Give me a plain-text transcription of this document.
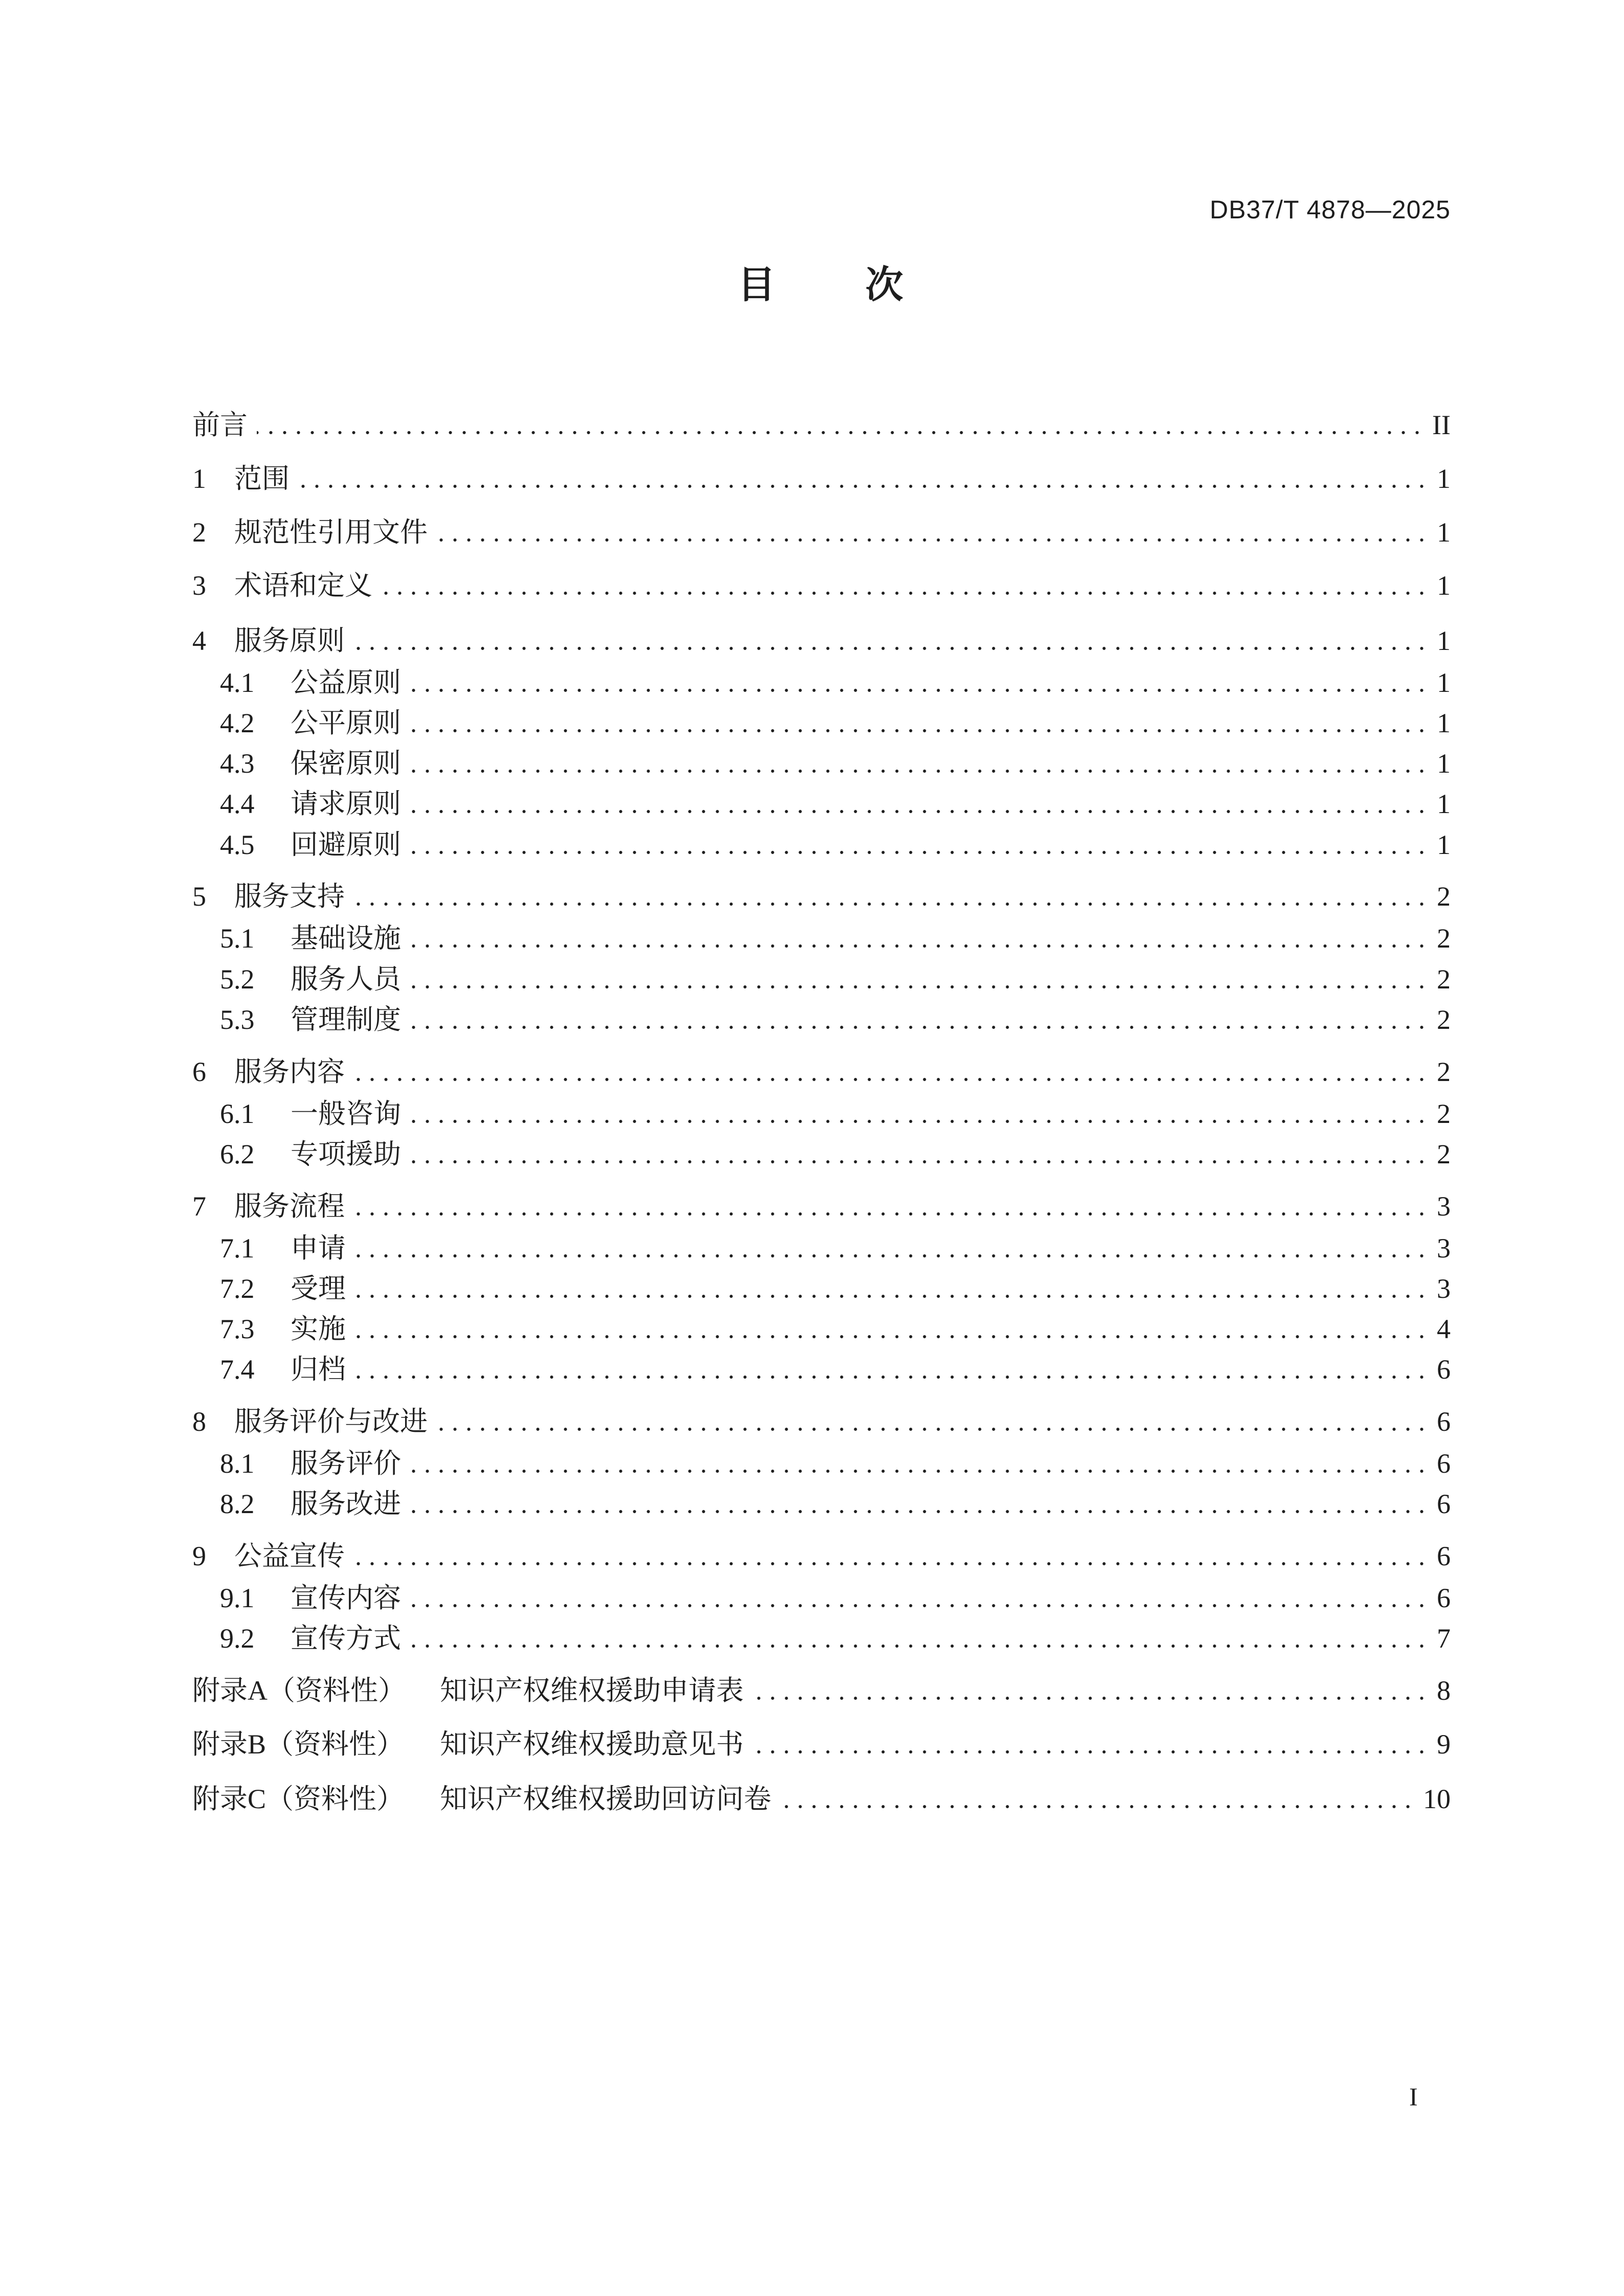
DB37/T 4878—2025
目 次
前言	II
1	范围	1
2	规范性引用文件	1
3	术语和定义	1
4	服务原则	1
4.1	公益原则	1
4.2	公平原则	1
4.3	保密原则	1
4.4	请求原则	1
4.5	回避原则	1
5	服务支持	2
5.1	基础设施	2
5.2	服务人员	2
5.3	管理制度	2
6	服务内容	2
6.1	一般咨询	2
6.2	专项援助	2
7	服务流程	3
7.1	申请	3
7.2	受理	3
7.3	实施	4
7.4	归档	6
8	服务评价与改进	6
8.1	服务评价	6
8.2	服务改进	6
9	公益宣传	6
9.1	宣传内容	6
9.2	宣传方式	7
附录A（资料性）	知识产权维权援助申请表	8
附录B（资料性）	知识产权维权援助意见书	9
附录C（资料性）	知识产权维权援助回访问卷	10
I
